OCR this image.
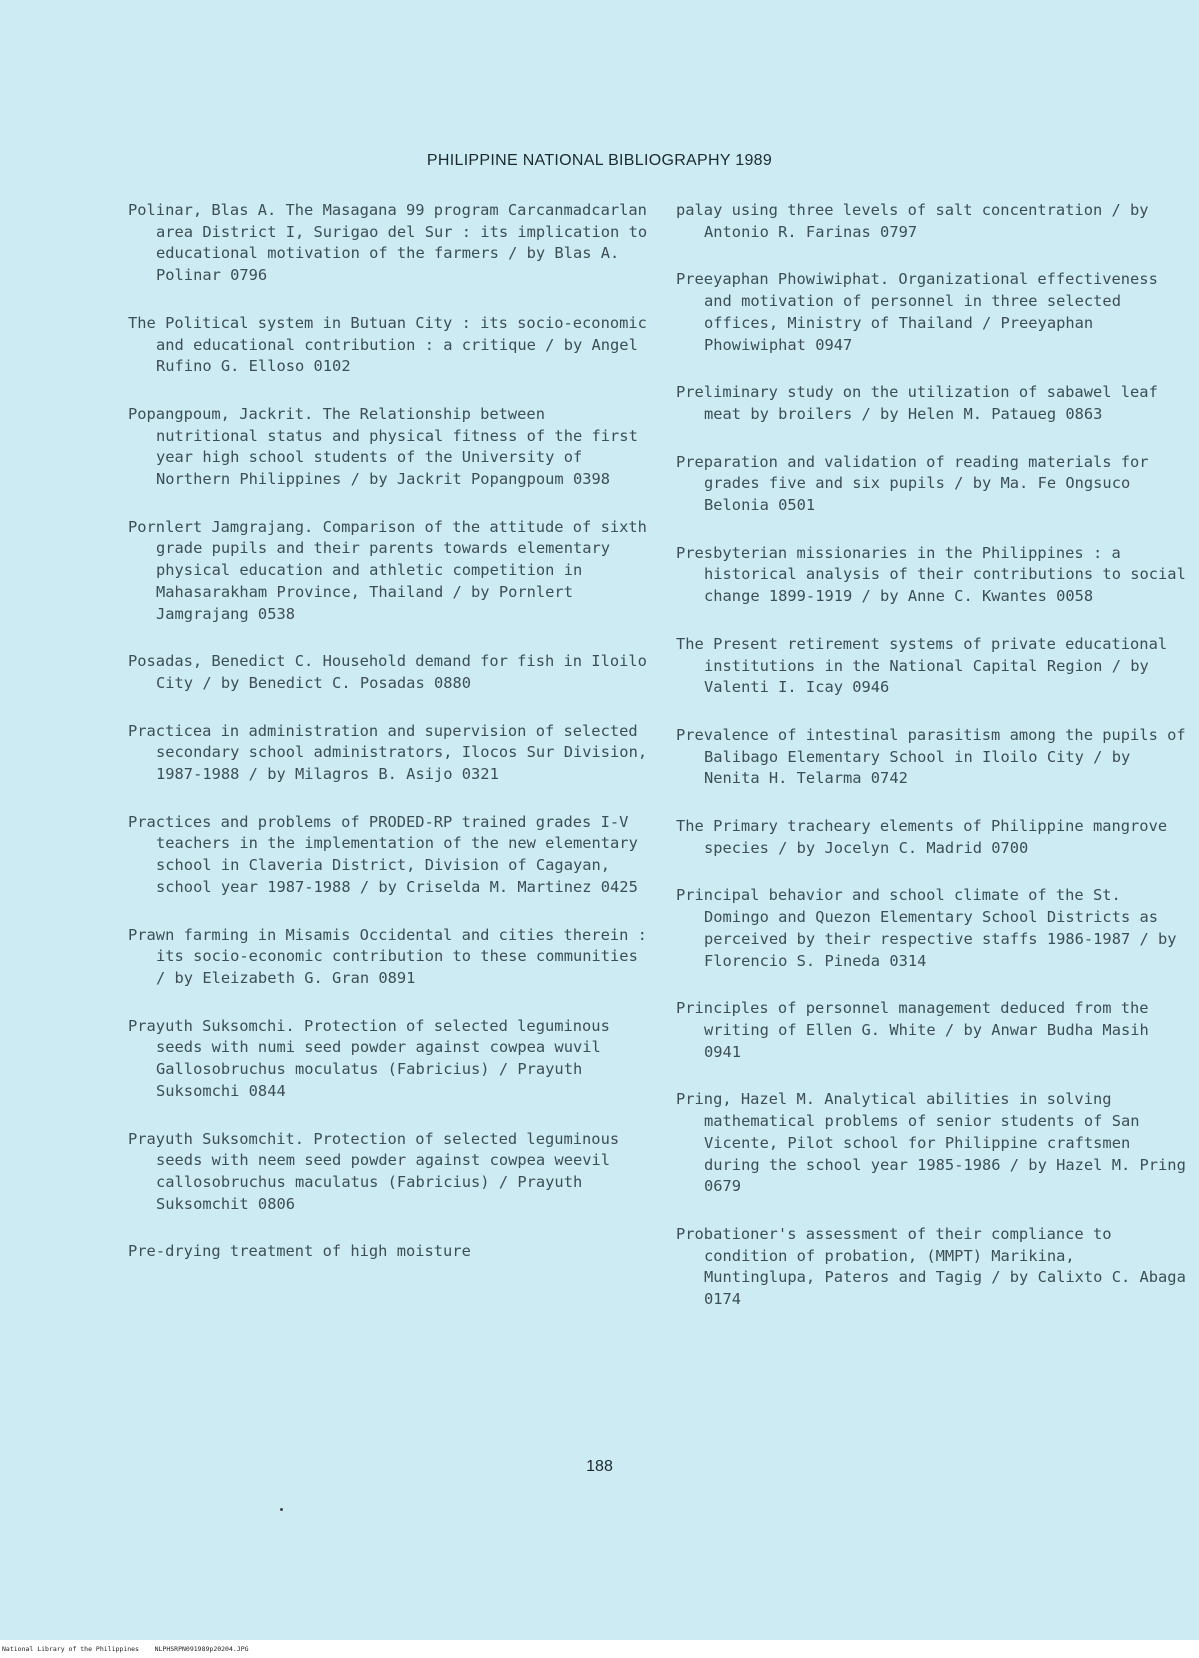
PHILIPPINE NATIONAL BIBLIOGRAPHY 1989

Polinar, Blas A. The Masagana 99 program Carcanmadcarlan area District I, Surigao del Sur : its implication to educational motivation of the farmers / by Blas A. Polinar 0796

The Political system in Butuan City : its socio-economic and educational contribution : a critique / by Angel Rufino G. Elloso 0102

Popangpoum, Jackrit. The Relationship between nutritional status and physical fitness of the first year high school students of the University of Northern Philippines / by Jackrit Popangpoum 0398

Pornlert Jamgrajang. Comparison of the attitude of sixth grade pupils and their parents towards elementary physical education and athletic competition in Mahasarakham Province, Thailand / by Pornlert Jamgrajang 0538

Posadas, Benedict C. Household demand for fish in Iloilo City / by Benedict C. Posadas 0880

Practicea in administration and supervision of selected secondary school administrators, Ilocos Sur Division, 1987-1988 / by Milagros B. Asijo 0321

Practices and problems of PRODED-RP trained grades I-V teachers in the implementation of the new elementary school in Claveria District, Division of Cagayan, school year 1987-1988 / by Criselda M. Martinez 0425

Prawn farming in Misamis Occidental and cities therein : its socio-economic contribution to these communities / by Eleizabeth G. Gran 0891

Prayuth Suksomchi. Protection of selected leguminous seeds with numi seed powder against cowpea wuvil Gallosobruchus moculatus (Fabricius) / Prayuth Suksomchi 0844

Prayuth Suksomchit. Protection of selected leguminous seeds with neem seed powder against cowpea weevil callosobruchus maculatus (Fabricius) / Prayuth Suksomchit 0806

Pre-drying treatment of high moisture

palay using three levels of salt concentration / by Antonio R. Farinas 0797

Preeyaphan Phowiwiphat. Organizational effectiveness and motivation of personnel in three selected offices, Ministry of Thailand / Preeyaphan Phowiwiphat 0947

Preliminary study on the utilization of sabawel leaf meat by broilers / by Helen M. Pataueg 0863

Preparation and validation of reading materials for grades five and six pupils / by Ma. Fe Ongsuco Belonia 0501

Presbyterian missionaries in the Philippines : a historical analysis of their contributions to social change 1899-1919 / by Anne C. Kwantes 0058

The Present retirement systems of private educational institutions in the National Capital Region / by Valenti I. Icay 0946

Prevalence of intestinal parasitism among the pupils of Balibago Elementary School in Iloilo City / by Nenita H. Telarma 0742

The Primary tracheary elements of Philippine mangrove species / by Jocelyn C. Madrid 0700

Principal behavior and school climate of the St. Domingo and Quezon Elementary School Districts as perceived by their respective staffs 1986-1987 / by Florencio S. Pineda 0314

Principles of personnel management deduced from the writing of Ellen G. White / by Anwar Budha Masih 0941

Pring, Hazel M. Analytical abilities in solving mathematical problems of senior students of San Vicente, Pilot school for Philippine craftsmen during the school year 1985-1986 / by Hazel M. Pring 0679

Probationer's assessment of their compliance to condition of probation, (MMPT) Marikina, Muntinglupa, Pateros and Tagig / by Calixto C. Abaga 0174

188
National Library of the Philippines    NLPHSRPN091989p20204.JPG
